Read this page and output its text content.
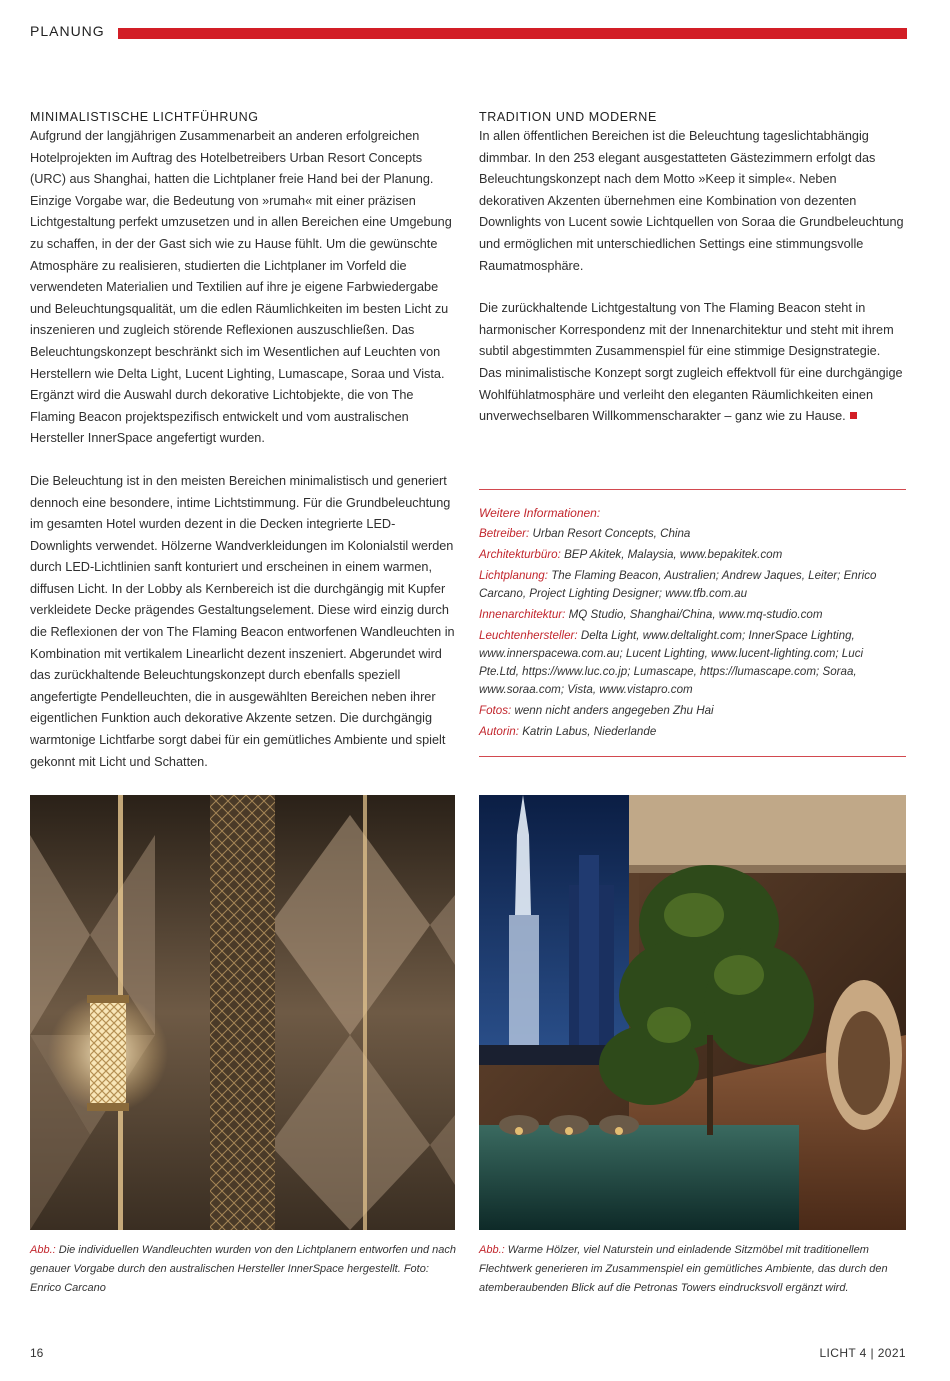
PLANUNG
MINIMALISTISCHE LICHTFÜHRUNG

Aufgrund der langjährigen Zusammenarbeit an anderen erfolgreichen Hotelprojekten im Auftrag des Hotelbetreibers Urban Resort Concepts (URC) aus Shanghai, hatten die Lichtplaner freie Hand bei der Planung. Einzige Vorgabe war, die Bedeutung von »rumah« mit einer präzisen Lichtgestaltung perfekt umzusetzen und in allen Bereichen eine Umgebung zu schaffen, in der der Gast sich wie zu Hause fühlt. Um die gewünschte Atmosphäre zu realisieren, studierten die Lichtplaner im Vorfeld die verwendeten Materialien und Textilien auf ihre je eigene Farbwiedergabe und Beleuchtungsqualität, um die edlen Räumlichkeiten im besten Licht zu inszenieren und zugleich störende Reflexionen auszuschließen. Das Beleuchtungskonzept beschränkt sich im Wesentlichen auf Leuchten von Herstellern wie Delta Light, Lucent Lighting, Lumascape, Soraa und Vista. Ergänzt wird die Auswahl durch dekorative Lichtobjekte, die von The Flaming Beacon projektspezifisch entwickelt und vom australischen Hersteller InnerSpace angefertigt wurden.

Die Beleuchtung ist in den meisten Bereichen minimalistisch und generiert dennoch eine besondere, intime Lichtstimmung. Für die Grundbeleuchtung im gesamten Hotel wurden dezent in die Decken integrierte LED-Downlights verwendet. Hölzerne Wandverkleidungen im Kolonialstil werden durch LED-Lichtlinien sanft konturiert und erscheinen in einem warmen, diffusen Licht. In der Lobby als Kernbereich ist die durchgängig mit Kupfer verkleidete Decke prägendes Gestaltungselement. Diese wird einzig durch die Reflexionen der von The Flaming Beacon entworfenen Wandleuchten in Kombination mit vertikalem Linearlicht dezent inszeniert. Abgerundet wird das zurückhaltende Beleuchtungskonzept durch ebenfalls speziell angefertigte Pendelleuchten, die in ausgewählten Bereichen neben ihrer eigentlichen Funktion auch dekorative Akzente setzen. Die durchgängig warmtonige Lichtfarbe sorgt dabei für ein gemütliches Ambiente und spielt gekonnt mit Licht und Schatten.

TRADITION UND MODERNE

In allen öffentlichen Bereichen ist die Beleuchtung tageslichtabhängig dimmbar. In den 253 elegant ausgestatteten Gästezimmern erfolgt das Beleuchtungskonzept nach dem Motto »Keep it simple«. Neben dekorativen Akzenten übernehmen eine Kombination von dezenten Downlights von Lucent sowie Lichtquellen von Soraa die Grundbeleuchtung und ermöglichen mit unterschiedlichen Settings eine stimmungsvolle Raumatmosphäre.

Die zurückhaltende Lichtgestaltung von The Flaming Beacon steht in harmonischer Korrespondenz mit der Innenarchitektur und steht mit ihrem subtil abgestimmten Zusammenspiel für eine stimmige Designstrategie. Das minimalistische Konzept sorgt zugleich effektvoll für eine durchgängige Wohlfühlatmosphäre und verleiht den eleganten Räumlichkeiten einen unverwechselbaren Willkommenscharakter – ganz wie zu Hause.

Weitere Informationen:
Betreiber: Urban Resort Concepts, China
Architekturbüro: BEP Akitek, Malaysia, www.bepakitek.com
Lichtplanung: The Flaming Beacon, Australien; Andrew Jaques, Leiter; Enrico Carcano, Project Lighting Designer; www.tfb.com.au
Innenarchitektur: MQ Studio, Shanghai/China, www.mq-studio.com
Leuchtenhersteller: Delta Light, www.deltalight.com; InnerSpace Lighting, www.innerspacewa.com.au; Lucent Lighting, www.lucent-lighting.com; Luci Pte.Ltd, https://www.luc.co.jp; Lumascape, https://lumascape.com; Soraa, www.soraa.com; Vista, www.vistapro.com
Fotos: wenn nicht anders angegeben Zhu Hai
Autorin: Katrin Labus, Niederlande
Abb.: Die individuellen Wandleuchten wurden von den Lichtplanern entworfen und nach genauer Vorgabe durch den australischen Hersteller InnerSpace hergestellt. Foto: Enrico Carcano
Abb.: Warme Hölzer, viel Naturstein und einladende Sitzmöbel mit traditionellem Flechtwerk generieren im Zusammenspiel ein gemütliches Ambiente, das durch den atemberaubenden Blick auf die Petronas Towers eindrucksvoll ergänzt wird.
16	LICHT 4 | 2021
